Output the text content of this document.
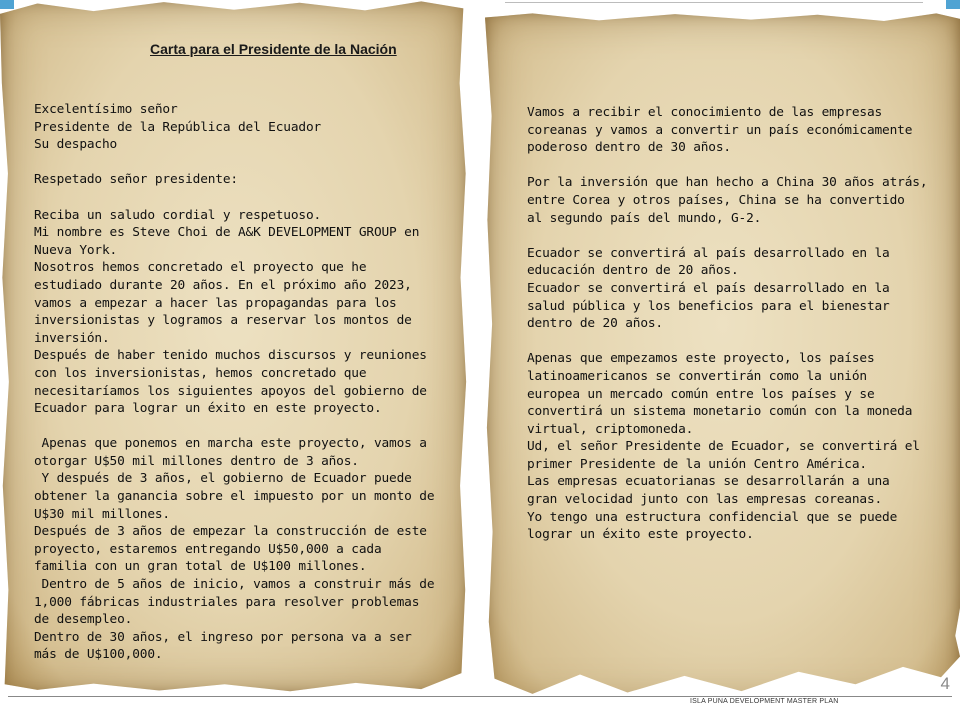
Carta para el Presidente de la Nación
Excelentísimo señor
Presidente de la República del Ecuador
Su despacho
Respetado señor presidente:
Reciba un saludo cordial y respetuoso.
Mi nombre es Steve Choi de A&K DEVELOPMENT GROUP en
Nueva York.
Nosotros hemos concretado el proyecto que he
estudiado durante 20 años. En el próximo año 2023,
vamos a empezar a hacer las propagandas para los
inversionistas y logramos a reservar los montos de
inversión.
Después de haber tenido muchos discursos y reuniones
con los inversionistas, hemos concretado que
necesitaríamos los siguientes apoyos del gobierno de
Ecuador para lograr un éxito en este proyecto.
Apenas que ponemos en marcha este proyecto, vamos a
otorgar U$50 mil millones dentro de 3 años.
Y después de 3 años, el gobierno de Ecuador puede
obtener la ganancia sobre el impuesto por un monto de
U$30 mil millones.
Después de 3 años de empezar la construcción de este
proyecto, estaremos entregando U$50,000 a cada
familia con un gran total de U$100 millones.
Dentro de 5 años de inicio, vamos a construir más de
1,000 fábricas industriales para resolver problemas
de desempleo.
Dentro de 30 años, el ingreso por persona va a ser
más de U$100,000.
Vamos a recibir el conocimiento de las empresas
coreanas y vamos a convertir un país económicamente
poderoso dentro de 30 años.
Por la inversión que han hecho a China 30 años atrás,
entre Corea y otros países, China se ha convertido
al segundo país del mundo, G-2.
Ecuador se convertirá al país desarrollado en la
educación dentro de 20 años.
Ecuador se convertirá el país desarrollado en la
salud pública y los beneficios para el bienestar
dentro de 20 años.
Apenas que empezamos este proyecto, los países
latinoamericanos se convertirán como la unión
europea un mercado común entre los países y se
convertirá un sistema monetario común con la moneda
virtual, criptomoneda.
Ud, el señor Presidente de Ecuador, se convertirá el
primer Presidente de la unión Centro América.
Las empresas ecuatorianas se desarrollarán a una
gran velocidad junto con las empresas coreanas.
Yo tengo una estructura confidencial que se puede
lograr un éxito este proyecto.
4
ISLA PUNA DEVELOPMENT MASTER PLAN
